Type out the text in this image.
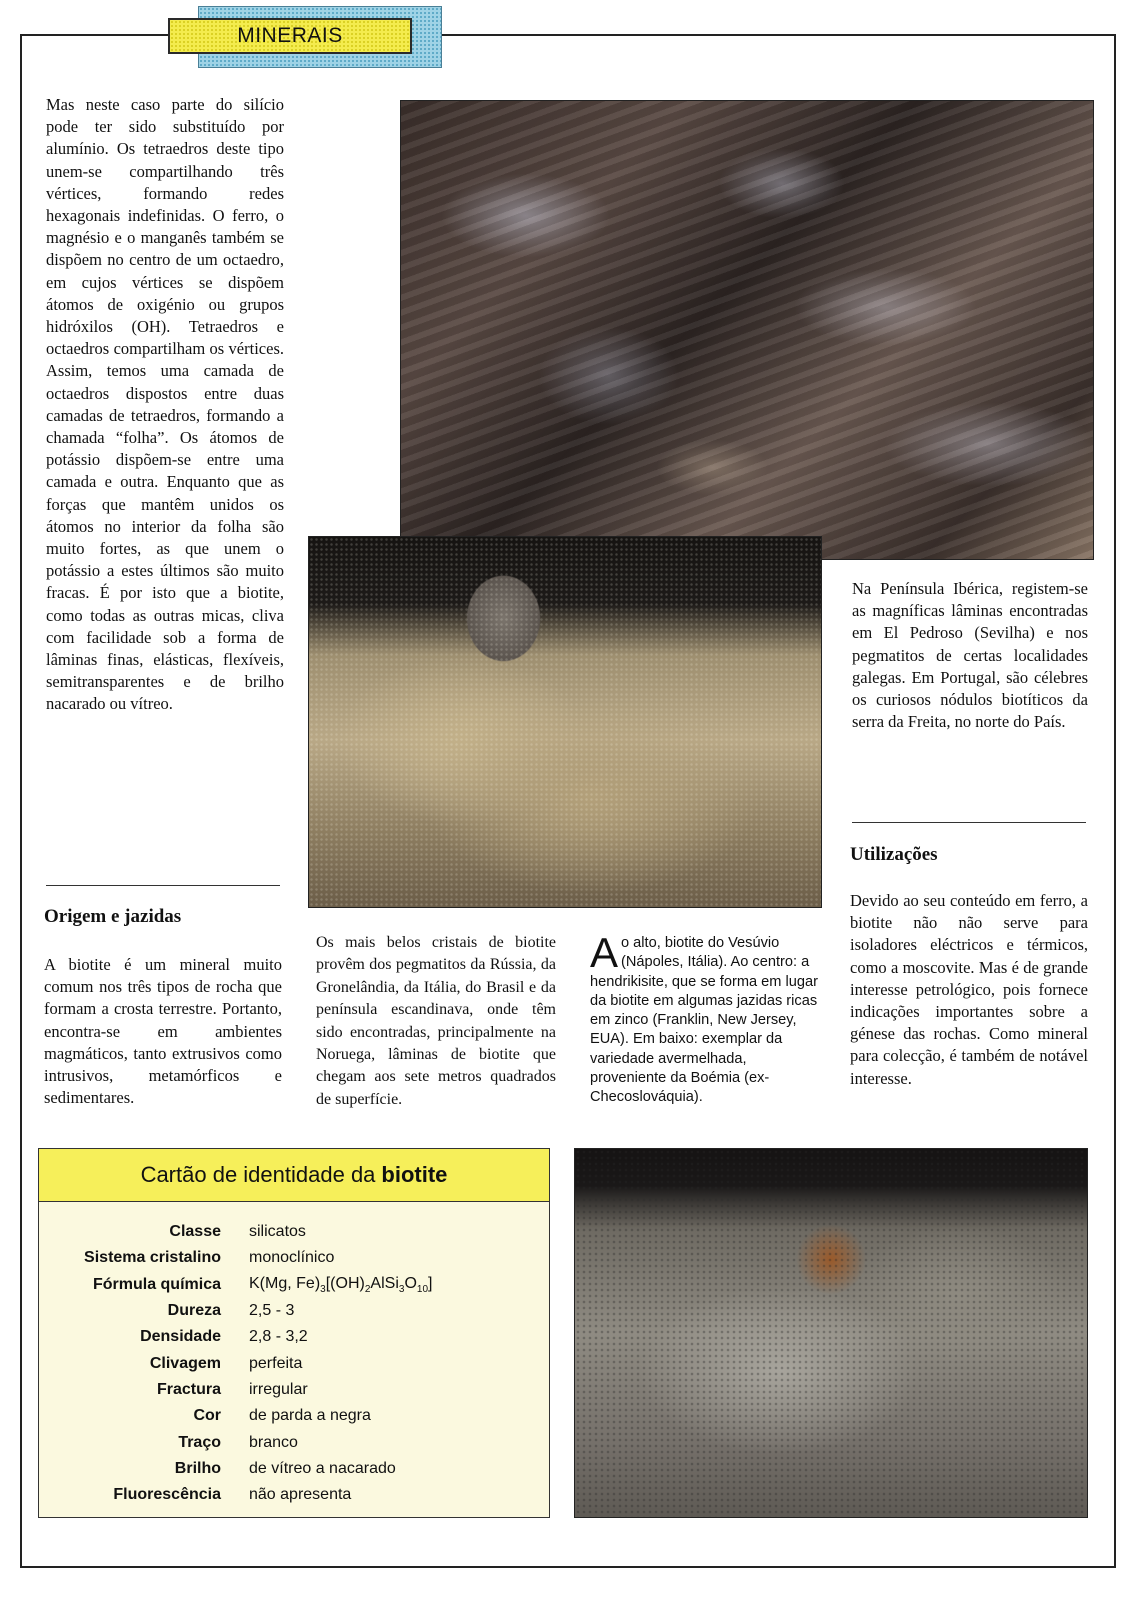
MINERAIS

Mas neste caso parte do silício pode ter sido substituído por alumínio. Os tetraedros deste tipo unem-se compartilhando três vértices, formando redes hexagonais indefinidas. O ferro, o magnésio e o manganês também se dispõem no centro de um octaedro, em cujos vértices se dispõem átomos de oxigénio ou grupos hidróxilos (OH). Tetraedros e octaedros compartilham os vértices. Assim, temos uma camada de octaedros dispostos entre duas camadas de tetraedros, formando a chamada “folha”. Os átomos de potássio dispõem-se entre uma camada e outra. Enquanto que as forças que mantêm unidos os átomos no interior da folha são muito fortes, as que unem o potássio a estes últimos são muito fracas. É por isto que a biotite, como todas as outras micas, cliva com facilidade sob a forma de lâminas finas, elásticas, flexíveis, semitransparentes e de brilho nacarado ou vítreo.

Origem e jazidas

A biotite é um mineral muito comum nos três tipos de rocha que formam a crosta terrestre. Portanto, encontra-se em ambientes magmáticos, tanto extrusivos como intrusivos, metamórficos e sedimentares.

Os mais belos cristais de biotite provêm dos pegmatitos da Rússia, da Gronelândia, da Itália, do Brasil e da península escandinava, onde têm sido encontradas, principalmente na Noruega, lâminas de biotite que chegam aos sete metros quadrados de superfície.

Ao alto, biotite do Vesúvio (Nápoles, Itália). Ao centro: a hendrikisite, que se forma em lugar da biotite em algumas jazidas ricas em zinco (Franklin, New Jersey, EUA). Em baixo: exemplar da variedade avermelhada, proveniente da Boémia (ex-Checoslováquia).

Na Península Ibérica, registem-se as magníficas lâminas encontradas em El Pedroso (Sevilha) e nos pegmatitos de certas localidades galegas. Em Portugal, são célebres os curiosos nódulos biotíticos da serra da Freita, no norte do País.

Utilizações

Devido ao seu conteúdo em ferro, a biotite não não serve para isoladores eléctricos e térmicos, como a moscovite. Mas é de grande interesse petrológico, pois fornece indicações importantes sobre a génese das rochas. Como mineral para colecção, é também de notável interesse.

Cartão de identidade da biotite
Classe	silicatos
Sistema cristalino	monoclínico
Fórmula química	K(Mg, $Fe)_3[(OH)_2AlSi_3O_{10}]$
Dureza	2,5 - 3
Densidade	2,8 - 3,2
Clivagem	perfeita
Fractura	irregular
Cor	de parda a negra
Traço	branco
Brilho	de vítreo a nacarado
Fluorescência	não apresenta
